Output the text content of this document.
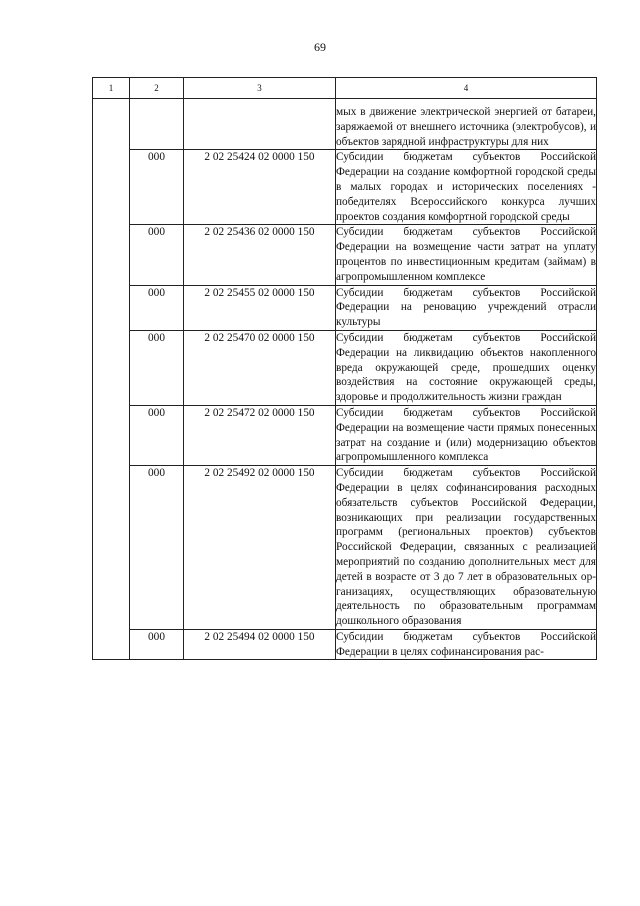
69
1	2	3	4
			мых в движение электрической энергией от батареи, заряжаемой от внешнего источника (электробусов), и объектов зарядной инфраструктуры для них
	000	2 02 25424 02 0000 150	Субсидии бюджетам субъектов Российской Федерации на создание комфортной городской среды в малых городах и исторических поселениях - победителях Всероссийского конкурса лучших проектов создания комфортной городской среды
	000	2 02 25436 02 0000 150	Субсидии бюджетам субъектов Российской Федерации на возмещение части затрат на уплату процентов по инвестиционным кредитам (займам) в агропромышленном комплексе
	000	2 02 25455 02 0000 150	Субсидии бюджетам субъектов Российской Федерации на реновацию учреждений отрасли культуры
	000	2 02 25470 02 0000 150	Субсидии бюджетам субъектов Российской Федерации на ликвидацию объектов накопленного вреда окружающей среде, прошедших оценку воздействия на состояние окружающей среды, здоровье и продолжительность жизни граждан
	000	2 02 25472 02 0000 150	Субсидии бюджетам субъектов Российской Федерации на возмещение части прямых понесенных затрат на создание и (или) модернизацию объектов агропромышленного комплекса
	000	2 02 25492 02 0000 150	Субсидии бюджетам субъектов Российской Федерации в целях софинансирования расходных обязательств субъектов Российской Федерации, возникающих при реализации государственных программ (региональных проектов) субъектов Российской Федерации, связанных с реализацией мероприятий по созданию дополнительных мест для детей в возрасте от 3 до 7 лет в образовательных организациях, осуществляющих образовательную деятельность по образовательным программам дошкольного образования
	000	2 02 25494 02 0000 150	Субсидии бюджетам субъектов Российской Федерации в целях софинансирования рас-
